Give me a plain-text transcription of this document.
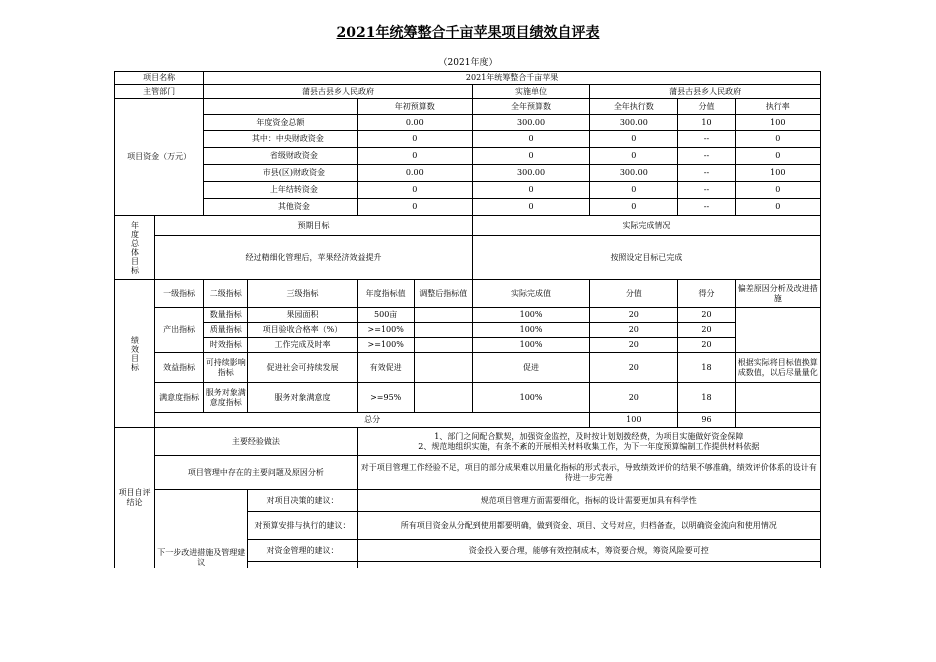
2021年统筹整合千亩苹果项目绩效自评表
（2021年度）
项目名称		2021年统筹整合千亩苹果							
主管部门		蒲县古县乡人民政府				实施单位	蒲县古县乡人民政府		
项目资金（万元）				年初预算数		全年预算数	全年执行数	分值	执行率
		年度资金总额		0.00		300.00	300.00	10	100
		其中：中央财政资金		0		0	0	--	0
		省级财政资金		0		0	0	--	0
		市县(区)财政资金		0.00		300.00	300.00	--	100
		上年结转资金		0		0	0	--	0
		其他资金		0		0	0	--	0
年度总体目标	预期目标					实际完成情况			
	经过精细化管理后，苹果经济效益提升					按照设定目标已完成			
绩效目标	一级指标	二级指标	三级指标	年度指标值	调整后指标值	实际完成值	分值	得分	偏差原因分析及改进措施
	产出指标	数量指标	果园面积	500亩		100%	20	20	
		质量指标	项目验收合格率（%）	>=100%		100%	20	20	
		时效指标	工作完成及时率	>=100%		100%	20	20	
	效益指标	可持续影响指标	促进社会可持续发展	有效促进		促进	20	18	根据实际将目标值换算成数值，以后尽量量化
	满意度指标	服务对象满意度指标	服务对象满意度	>=95%		100%	20	18	
	总分						100	96	
项目自评结论	主要经验做法			1、部门之间配合默契，加强资金监控，及时按计划划拨经费，为项目实施做好资金保障
2、规范地组织实施，有条不紊的开展相关材料收集工作，为下一年度预算编制工作提供材料依据					

	项目管理中存在的主要问题及原因分析			对于项目管理工作经验不足，项目的部分成果难以用量化指标的形式表示，导致绩效评价的结果不够准确，绩效评价体系的设计有待进一步完善					
	下一步改进措施及管理建议		对项目决策的建议：	规范项目管理方面需要细化，指标的设计需要更加具有科学性					
			对预算安排与执行的建议：	所有项目资金从分配到使用都要明确，做到资金、项目、文号对应，归档备查，以明确资金流向和使用情况					
			对资金管理的建议：	资金投入要合理，能够有效控制成本，筹资要合规，筹资风险要可控					
